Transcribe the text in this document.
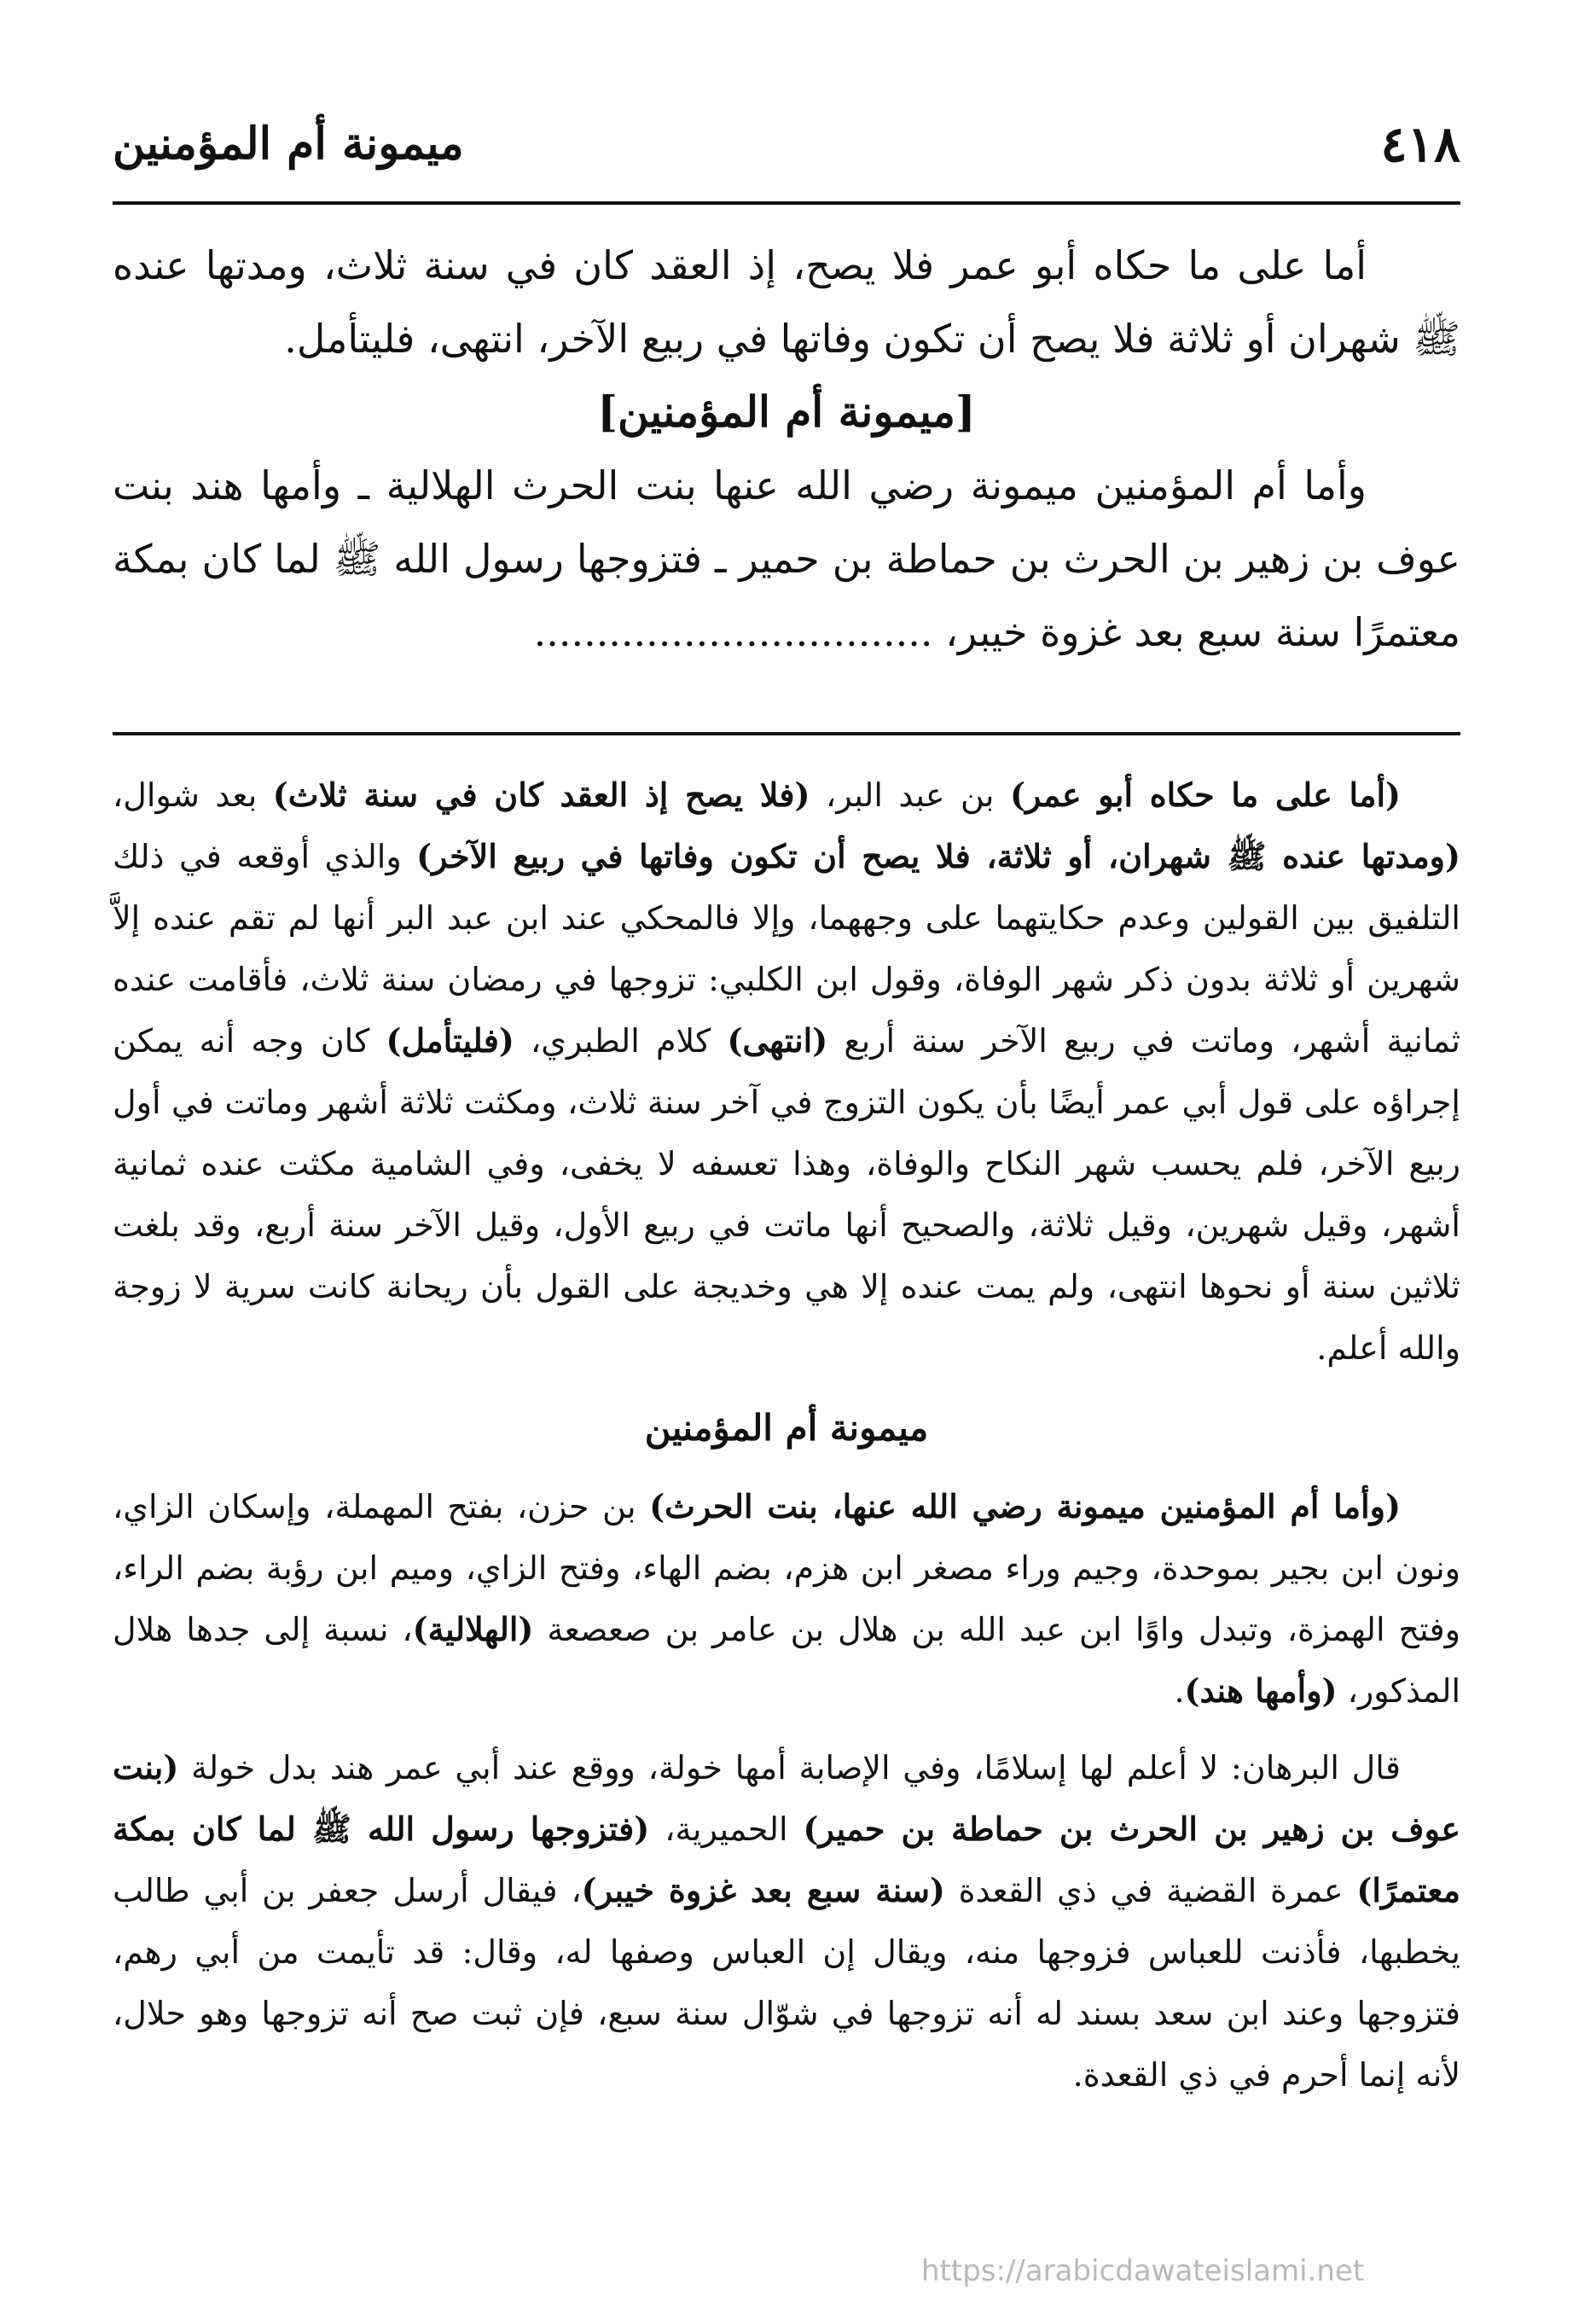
٤١٨
ميمونة أم المؤمنين

أما على ما حكاه أبو عمر فلا يصح، إذ العقد كان في سنة ثلاث، ومدتها عنده ﷺ شهران أو ثلاثة فلا يصح أن تكون وفاتها في ربيع الآخر، انتهى، فليتأمل.

[ميمونة أم المؤمنين]

وأما أم المؤمنين ميمونة رضي الله عنها بنت الحرث الهلالية ـ وأمها هند بنت عوف بن زهير بن الحرث بن حماطة بن حمير ـ فتزوجها رسول الله ﷺ لما كان بمكة معتمرًا سنة سبع بعد غزوة خيبر، ................................

(أما على ما حكاه أبو عمر) بن عبد البر، (فلا يصح إذ العقد كان في سنة ثلاث) بعد شوال، (ومدتها عنده ﷺ شهران، أو ثلاثة، فلا يصح أن تكون وفاتها في ربيع الآخر) والذي أوقعه في ذلك التلفيق بين القولين وعدم حكايتهما على وجههما، وإلا فالمحكي عند ابن عبد البر أنها لم تقم عنده إلاَّ شهرين أو ثلاثة بدون ذكر شهر الوفاة، وقول ابن الكلبي: تزوجها في رمضان سنة ثلاث، فأقامت عنده ثمانية أشهر، وماتت في ربيع الآخر سنة أربع (انتهى) كلام الطبري، (فليتأمل) كان وجه أنه يمكن إجراؤه على قول أبي عمر أيضًا بأن يكون التزوج في آخر سنة ثلاث، ومكثت ثلاثة أشهر وماتت في أول ربيع الآخر، فلم يحسب شهر النكاح والوفاة، وهذا تعسفه لا يخفى، وفي الشامية مكثت عنده ثمانية أشهر، وقيل شهرين، وقيل ثلاثة، والصحيح أنها ماتت في ربيع الأول، وقيل الآخر سنة أربع، وقد بلغت ثلاثين سنة أو نحوها انتهى، ولم يمت عنده إلا هي وخديجة على القول بأن ريحانة كانت سرية لا زوجة والله أعلم.

ميمونة أم المؤمنين

(وأما أم المؤمنين ميمونة رضي الله عنها، بنت الحرث) بن حزن، بفتح المهملة، وإسكان الزاي، ونون ابن بجير بموحدة، وجيم وراء مصغر ابن هزم، بضم الهاء، وفتح الزاي، وميم ابن رؤبة بضم الراء، وفتح الهمزة، وتبدل واوًا ابن عبد الله بن هلال بن عامر بن صعصعة (الهلالية)، نسبة إلى جدها هلال المذكور، (وأمها هند).

قال البرهان: لا أعلم لها إسلامًا، وفي الإصابة أمها خولة، ووقع عند أبي عمر هند بدل خولة (بنت عوف بن زهير بن الحرث بن حماطة بن حمير) الحميرية، (فتزوجها رسول الله ﷺ لما كان بمكة معتمرًا) عمرة القضية في ذي القعدة (سنة سبع بعد غزوة خيبر)، فيقال أرسل جعفر بن أبي طالب يخطبها، فأذنت للعباس فزوجها منه، ويقال إن العباس وصفها له، وقال: قد تأيمت من أبي رهم، فتزوجها وعند ابن سعد بسند له أنه تزوجها في شوّال سنة سبع، فإن ثبت صح أنه تزوجها وهو حلال، لأنه إنما أحرم في ذي القعدة.

https://arabicdawateislami.net
